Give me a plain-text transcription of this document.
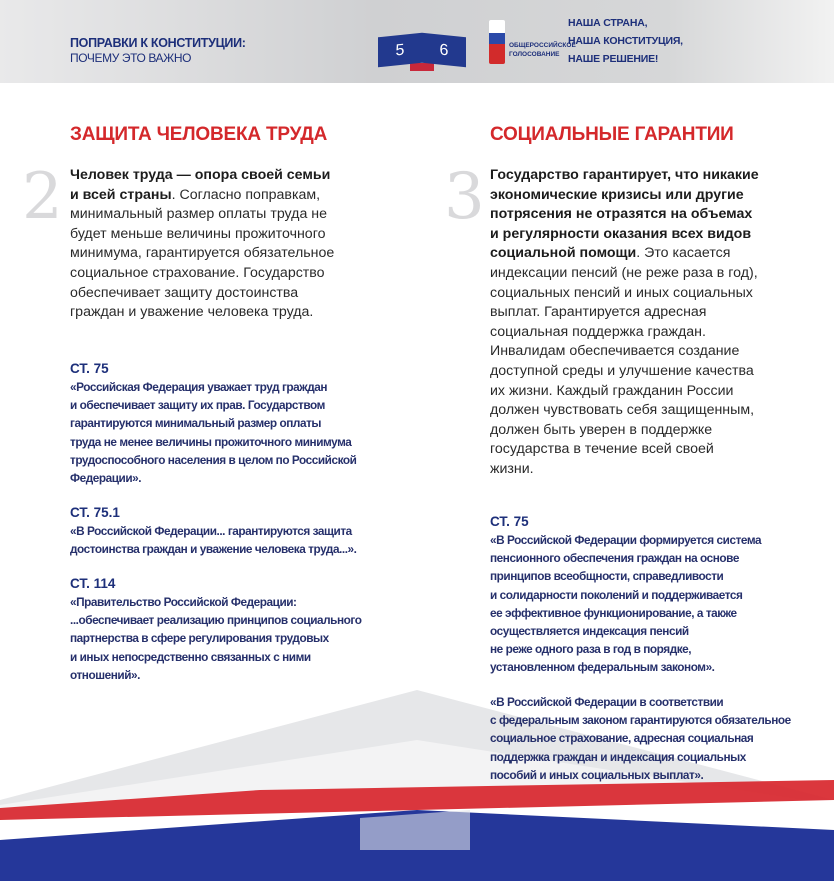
ПОПРАВКИ К КОНСТИТУЦИИ:
ПОЧЕМУ ЭТО ВАЖНО	5	6	ОБЩЕРОССИЙСКОЕ
ГОЛОСОВАНИЕ
НАША СТРАНА,
НАША КОНСТИТУЦИЯ,
НАШЕ РЕШЕНИЕ!
ЗАЩИТА ЧЕЛОВЕКА ТРУДА
2 Человек труда — опора своей семьи
и всей страны. Согласно поправкам,
минимальный размер оплаты труда не
будет меньше величины прожиточного
минимума, гарантируется обязательное
социальное страхование. Государство
обеспечивает защиту достоинства
граждан и уважение человека труда.
СТ. 75
«Российская Федерация уважает труд граждан
и обеспечивает защиту их прав. Государством
гарантируются минимальный размер оплаты
труда не менее величины прожиточного минимума
трудоспособного населения в целом по Российской
Федерации».
СТ. 75.1
«В Российской Федерации... гарантируются защита
достоинства граждан и уважение человека труда...».
СТ. 114
«Правительство Российской Федерации:
...обеспечивает реализацию принципов социального
партнерства в сфере регулирования трудовых
и иных непосредственно связанных с ними
отношений».
СОЦИАЛЬНЫЕ ГАРАНТИИ
3 Государство гарантирует, что никакие
экономические кризисы или другие
потрясения не отразятся на объемах
и регулярности оказания всех видов
социальной помощи. Это касается
индексации пенсий (не реже раза в год),
социальных пенсий и иных социальных
выплат. Гарантируется адресная
социальная поддержка граждан.
Инвалидам обеспечивается создание
доступной среды и улучшение качества
их жизни. Каждый гражданин России
должен чувствовать себя защищенным,
должен быть уверен в поддержке
государства в течение всей своей
жизни.
СТ. 75
«В Российской Федерации формируется система
пенсионного обеспечения граждан на основе
принципов всеобщности, справедливости
и солидарности поколений и поддерживается
ее эффективное функционирование, а также
осуществляется индексация пенсий
не реже одного раза в год в порядке,
установленном федеральным законом».
«В Российской Федерации в соответствии
с федеральным законом гарантируются обязательное
социальное страхование, адресная социальная
поддержка граждан и индексация социальных
пособий и иных социальных выплат».
